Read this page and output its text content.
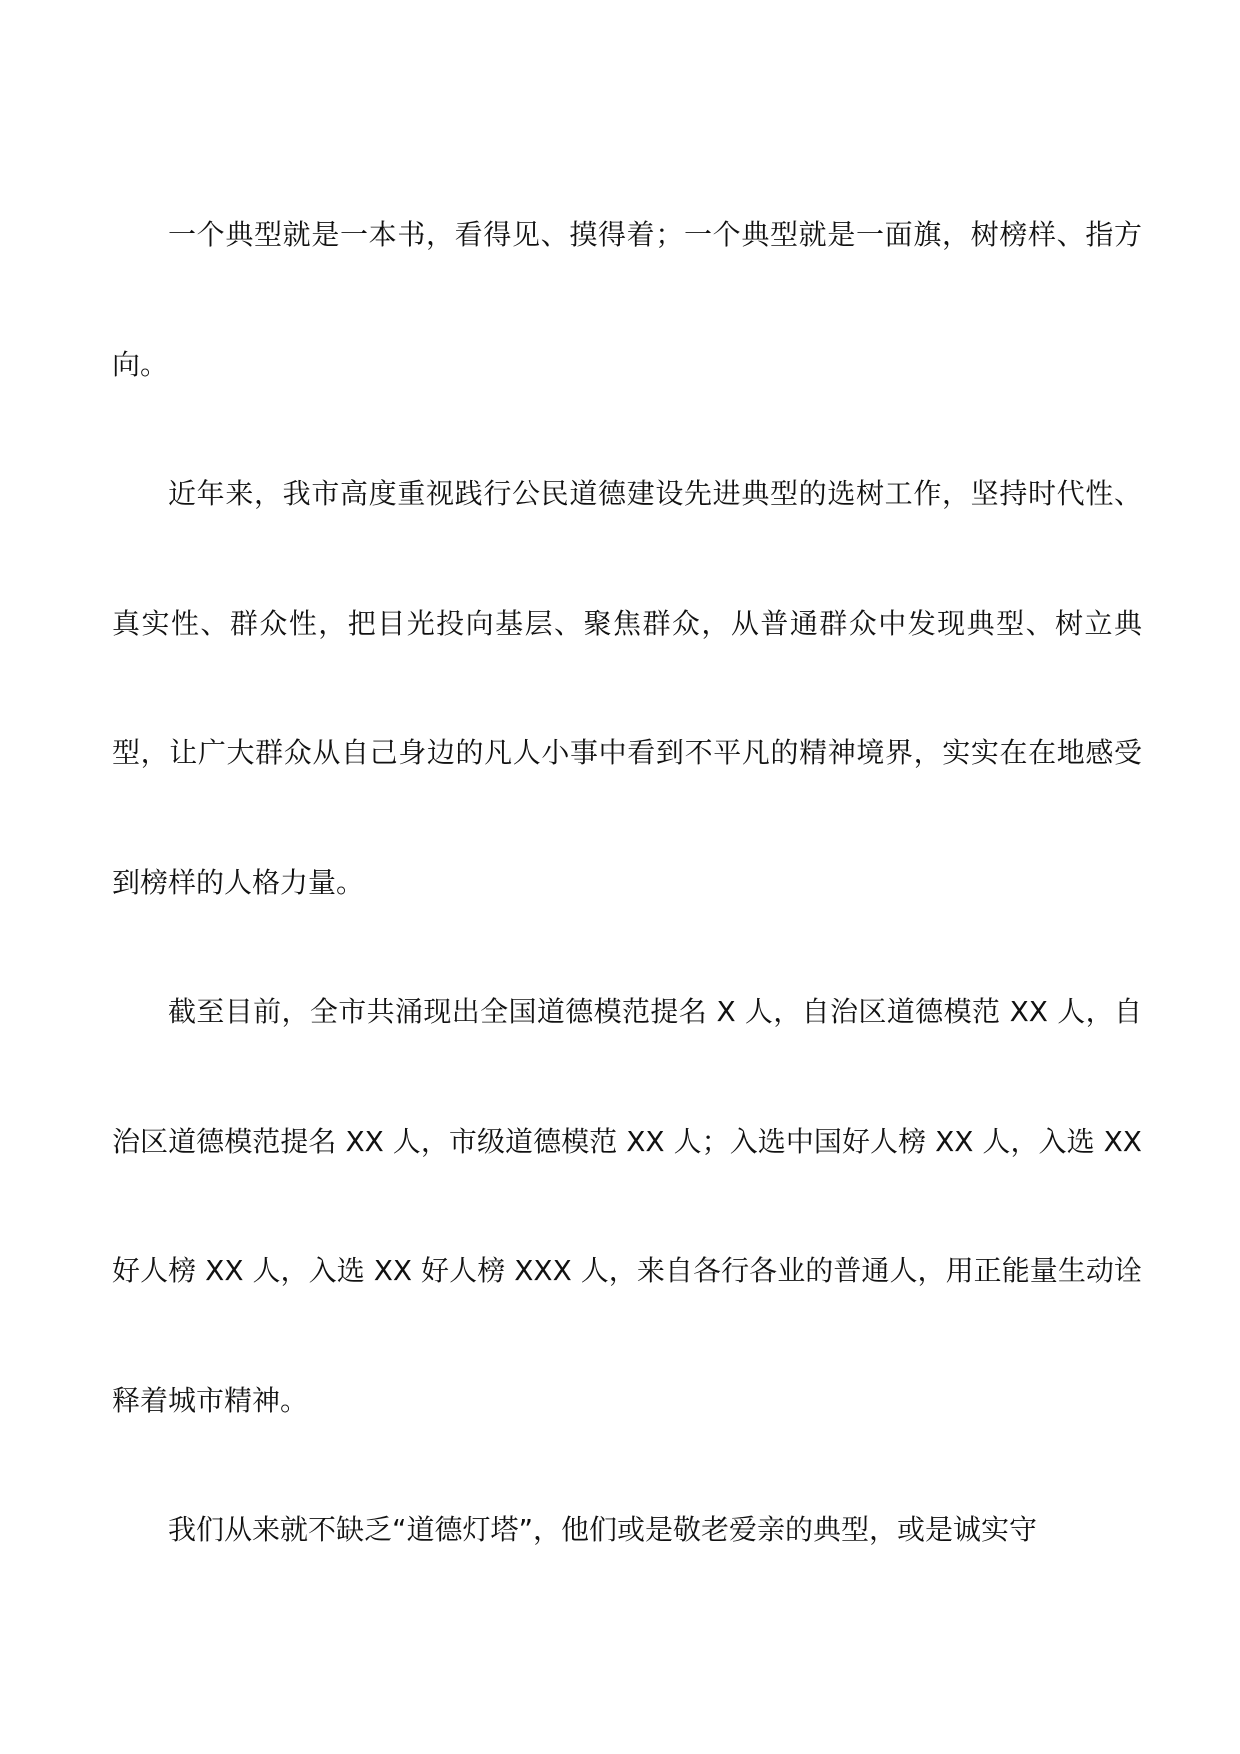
一个典型就是一本书，看得见、摸得着；一个典型就是一面旗，树榜样、指方向。

近年来，我市高度重视践行公民道德建设先进典型的选树工作，坚持时代性、真实性、群众性，把目光投向基层、聚焦群众，从普通群众中发现典型、树立典型，让广大群众从自己身边的凡人小事中看到不平凡的精神境界，实实在在地感受到榜样的人格力量。

截至目前，全市共涌现出全国道德模范提名 X 人，自治区道德模范 XX 人，自治区道德模范提名 XX 人，市级道德模范 XX 人；入选中国好人榜 XX 人，入选 XX 好人榜 XX 人，入选 XX 好人榜 XXX 人，来自各行各业的普通人，用正能量生动诠释着城市精神。

我们从来就不缺乏“道德灯塔”，他们或是敬老爱亲的典型，或是诚实守
